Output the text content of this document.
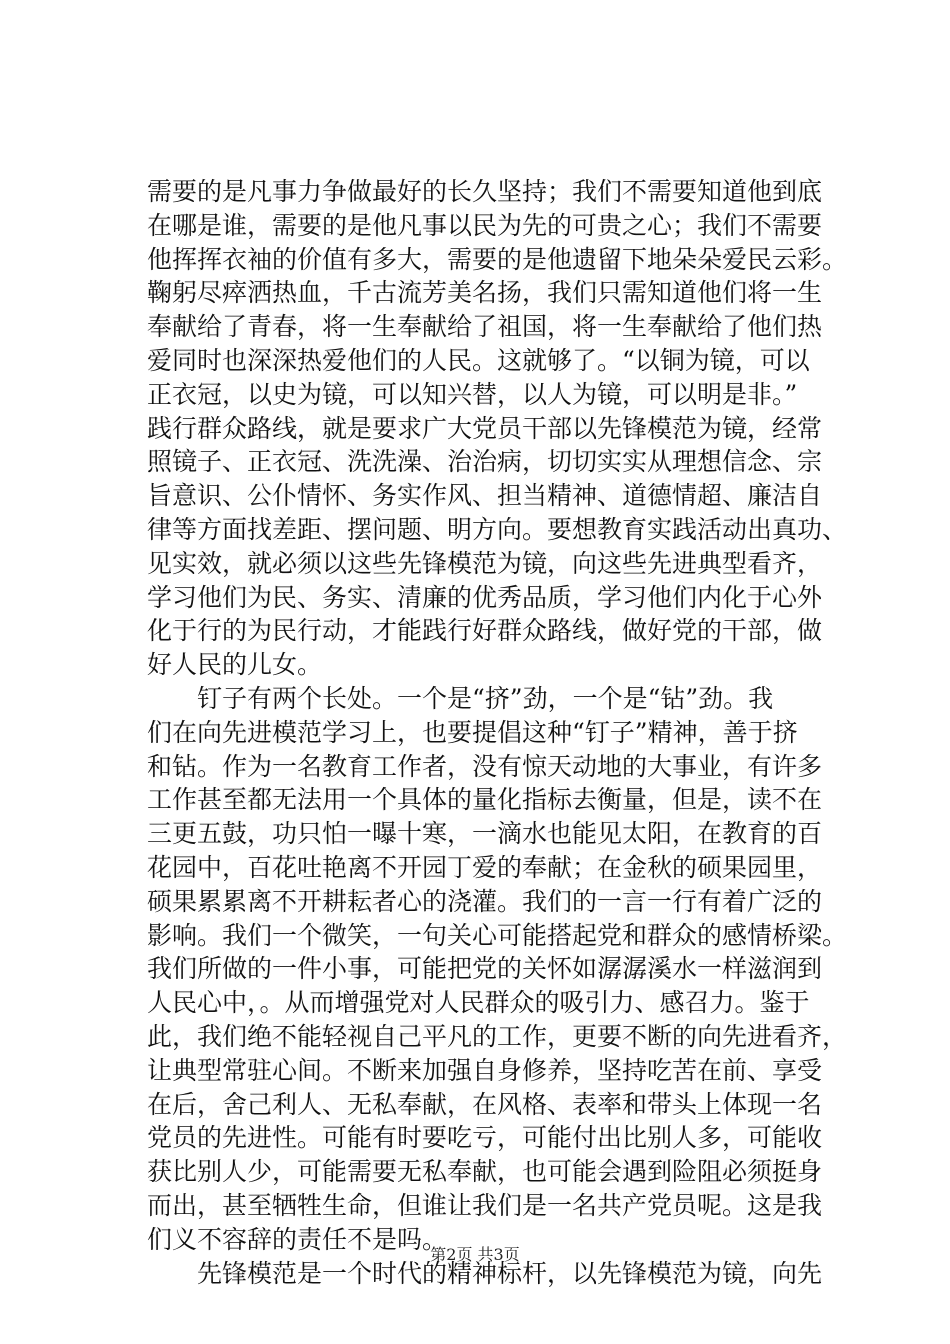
需要的是凡事力争做最好的长久坚持；我们不需要知道他到底
在哪是谁，需要的是他凡事以民为先的可贵之心；我们不需要
他挥挥衣袖的价值有多大，需要的是他遗留下地朵朵爱民云彩。
鞠躬尽瘁洒热血，千古流芳美名扬，我们只需知道他们将一生
奉献给了青春，将一生奉献给了祖国，将一生奉献给了他们热
爱同时也深深热爱他们的人民。这就够了。“以铜为镜，可以
正衣冠，以史为镜，可以知兴替，以人为镜，可以明是非。”
践行群众路线，就是要求广大党员干部以先锋模范为镜，经常
照镜子、正衣冠、洗洗澡、治治病，切切实实从理想信念、宗
旨意识、公仆情怀、务实作风、担当精神、道德情超、廉洁自
律等方面找差距、摆问题、明方向。要想教育实践活动出真功、
见实效，就必须以这些先锋模范为镜，向这些先进典型看齐，
学习他们为民、务实、清廉的优秀品质，学习他们内化于心外
化于行的为民行动，才能践行好群众路线，做好党的干部，做
好人民的儿女。
　　钉子有两个长处。一个是“挤”劲，一个是“钻”劲。我
们在向先进模范学习上，也要提倡这种“钉子”精神，善于挤
和钻。作为一名教育工作者，没有惊天动地的大事业，有许多
工作甚至都无法用一个具体的量化指标去衡量，但是，读不在
三更五鼓，功只怕一曝十寒，一滴水也能见太阳，在教育的百
花园中，百花吐艳离不开园丁爱的奉献；在金秋的硕果园里，
硕果累累离不开耕耘者心的浇灌。我们的一言一行有着广泛的
影响。我们一个微笑，一句关心可能搭起党和群众的感情桥梁。
我们所做的一件小事，可能把党的关怀如潺潺溪水一样滋润到
人民心中，。从而增强党对人民群众的吸引力、感召力。鉴于
此，我们绝不能轻视自己平凡的工作，更要不断的向先进看齐，
让典型常驻心间。不断来加强自身修养，坚持吃苦在前、享受
在后，舍己利人、无私奉献，在风格、表率和带头上体现一名
党员的先进性。可能有时要吃亏，可能付出比别人多，可能收
获比别人少，可能需要无私奉献，也可能会遇到险阻必须挺身
而出，甚至牺牲生命，但谁让我们是一名共产党员呢。这是我
们义不容辞的责任不是吗。
　　先锋模范是一个时代的精神标杆，以先锋模范为镜，向先
第2页 共3页
